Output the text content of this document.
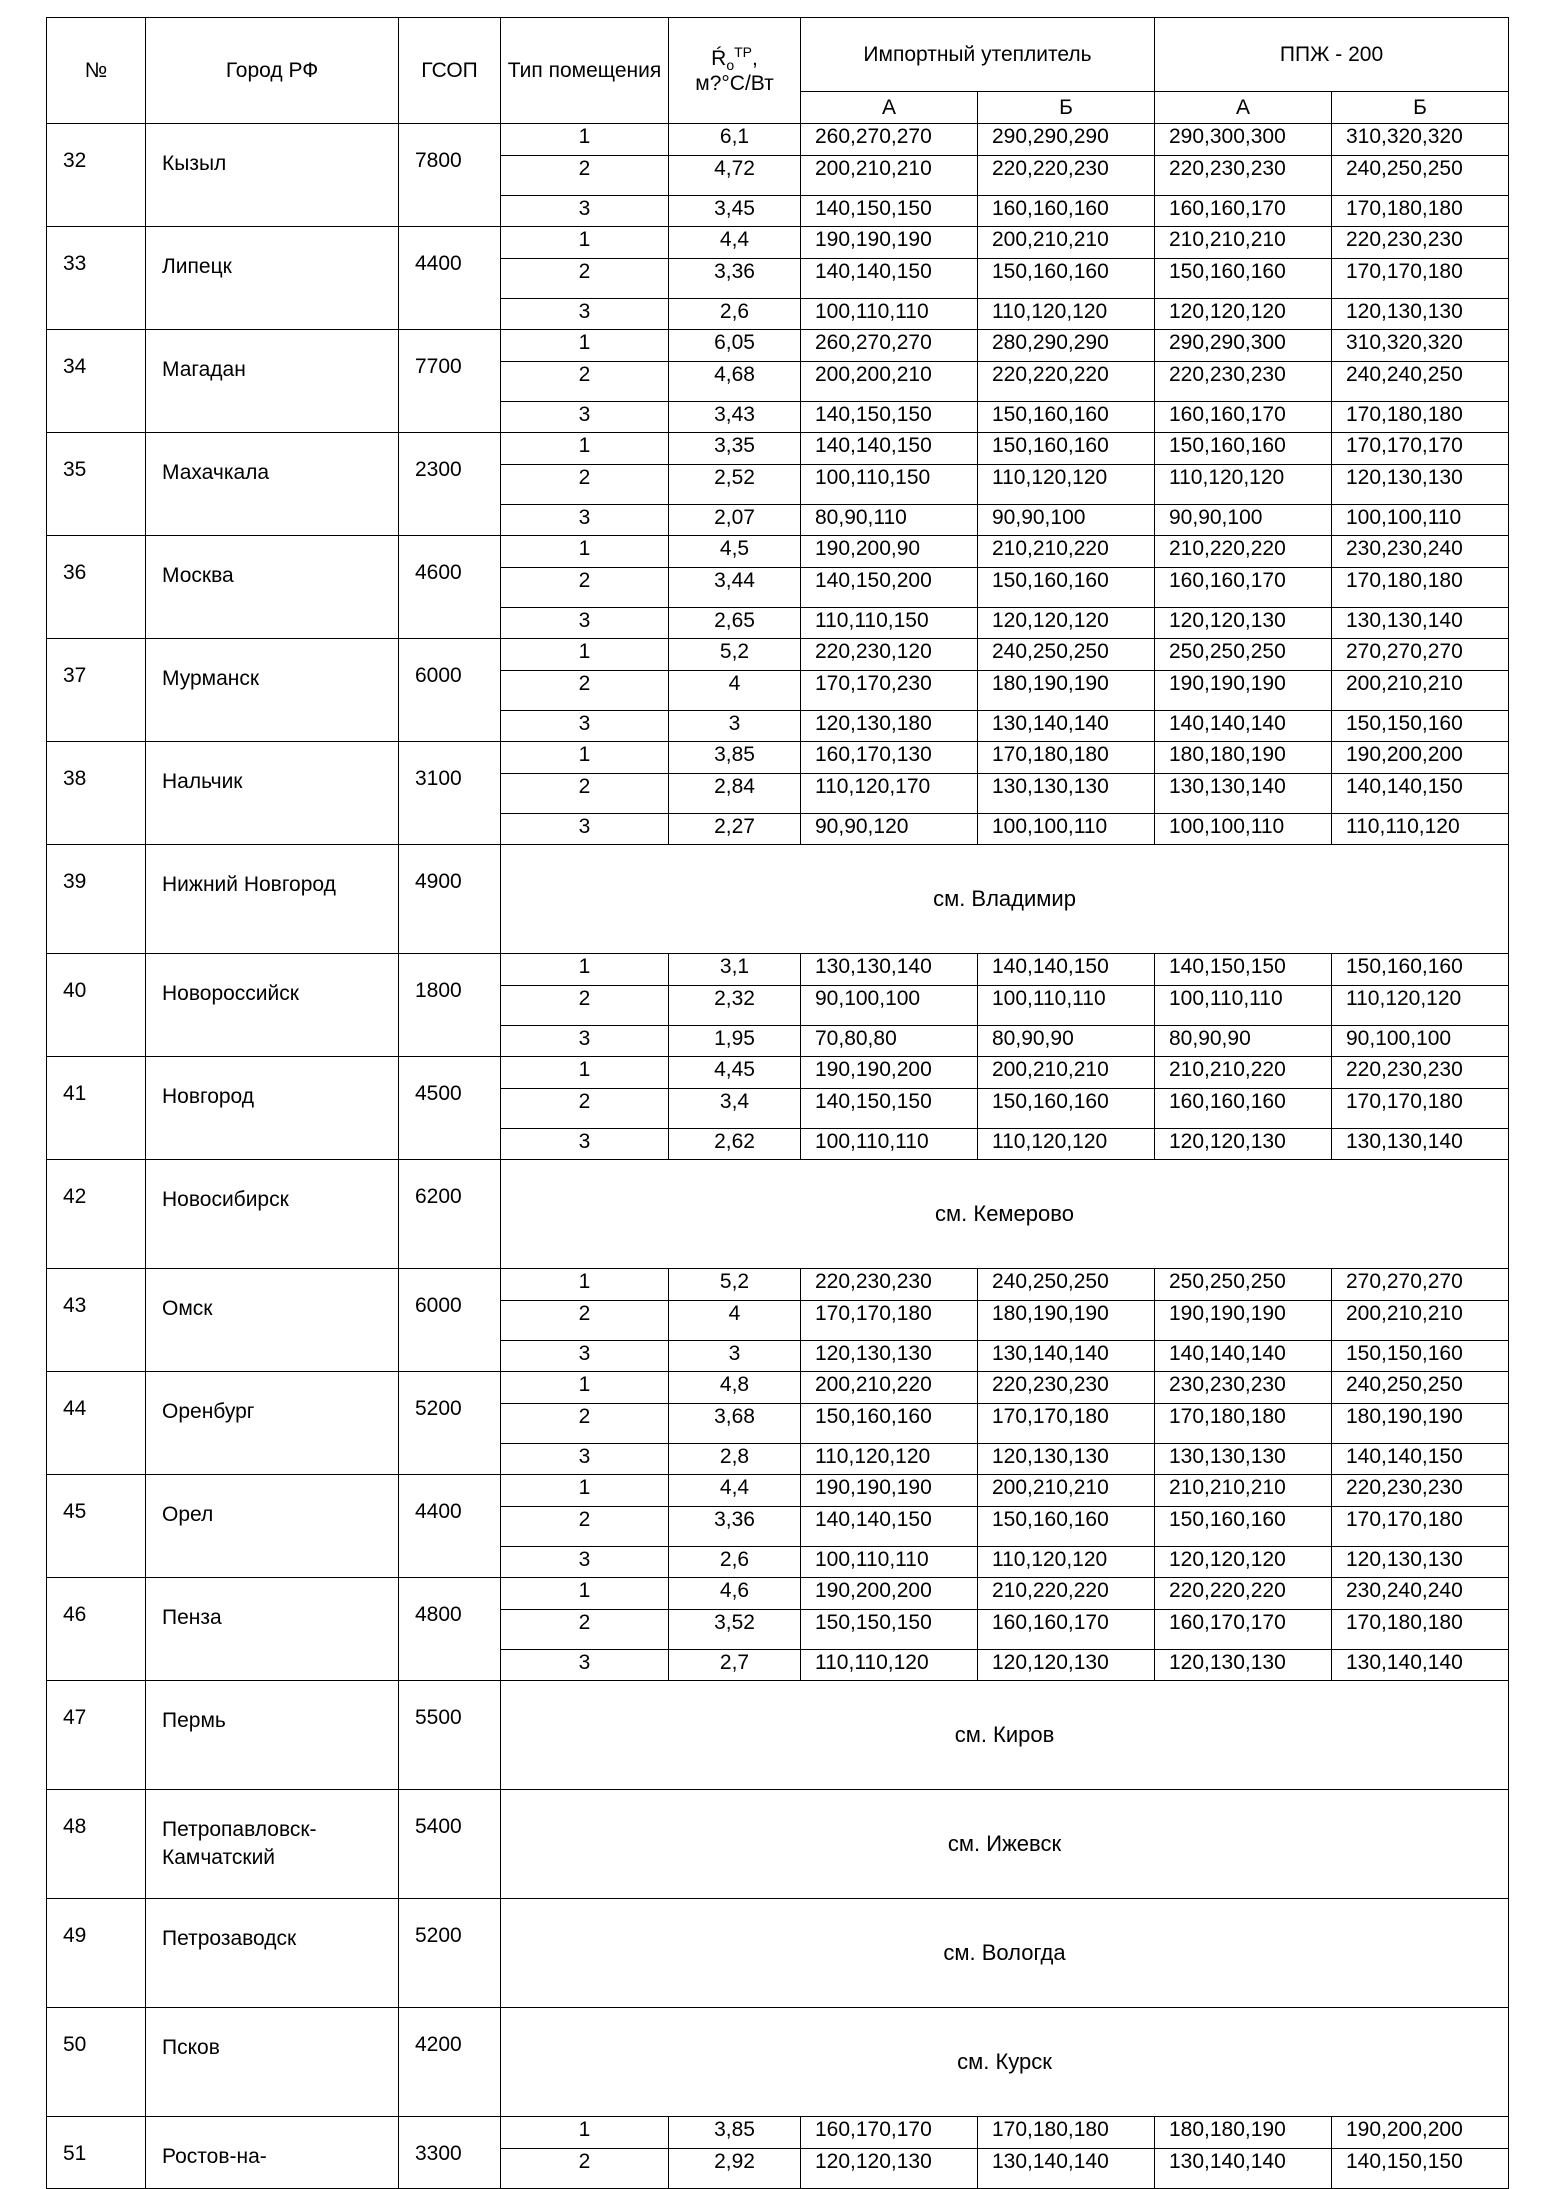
№	Город РФ	ГСОП	Тип помещения	$Ŕ_о^{ТР}$,
м?°С/Вт	Импортный утеплитель		ППЖ - 200	
					А	Б	А	Б
32	Кызыл	7800	1	6,1	260,270,270	290,290,290	290,300,300	310,320,320
			2	4,72	200,210,210	220,220,230	220,230,230	240,250,250
			3	3,45	140,150,150	160,160,160	160,160,170	170,180,180
33	Липецк	4400	1	4,4	190,190,190	200,210,210	210,210,210	220,230,230
			2	3,36	140,140,150	150,160,160	150,160,160	170,170,180
			3	2,6	100,110,110	110,120,120	120,120,120	120,130,130
34	Магадан	7700	1	6,05	260,270,270	280,290,290	290,290,300	310,320,320
			2	4,68	200,200,210	220,220,220	220,230,230	240,240,250
			3	3,43	140,150,150	150,160,160	160,160,170	170,180,180
35	Махачкала	2300	1	3,35	140,140,150	150,160,160	150,160,160	170,170,170
			2	2,52	100,110,150	110,120,120	110,120,120	120,130,130
			3	2,07	80,90,110	90,90,100	90,90,100	100,100,110
36	Москва	4600	1	4,5	190,200,90	210,210,220	210,220,220	230,230,240
			2	3,44	140,150,200	150,160,160	160,160,170	170,180,180
			3	2,65	110,110,150	120,120,120	120,120,130	130,130,140
37	Мурманск	6000	1	5,2	220,230,120	240,250,250	250,250,250	270,270,270
			2	4	170,170,230	180,190,190	190,190,190	200,210,210
			3	3	120,130,180	130,140,140	140,140,140	150,150,160
38	Нальчик	3100	1	3,85	160,170,130	170,180,180	180,180,190	190,200,200
			2	2,84	110,120,170	130,130,130	130,130,140	140,140,150
			3	2,27	90,90,120	100,100,110	100,100,110	110,110,120
39	Нижний Новгород	4900	см. Владимир					
40	Новороссийск	1800	1	3,1	130,130,140	140,140,150	140,150,150	150,160,160
			2	2,32	90,100,100	100,110,110	100,110,110	110,120,120
			3	1,95	70,80,80	80,90,90	80,90,90	90,100,100
41	Новгород	4500	1	4,45	190,190,200	200,210,210	210,210,220	220,230,230
			2	3,4	140,150,150	150,160,160	160,160,160	170,170,180
			3	2,62	100,110,110	110,120,120	120,120,130	130,130,140
42	Новосибирск	6200	см. Кемерово					
43	Омск	6000	1	5,2	220,230,230	240,250,250	250,250,250	270,270,270
			2	4	170,170,180	180,190,190	190,190,190	200,210,210
			3	3	120,130,130	130,140,140	140,140,140	150,150,160
44	Оренбург	5200	1	4,8	200,210,220	220,230,230	230,230,230	240,250,250
			2	3,68	150,160,160	170,170,180	170,180,180	180,190,190
			3	2,8	110,120,120	120,130,130	130,130,130	140,140,150
45	Орел	4400	1	4,4	190,190,190	200,210,210	210,210,210	220,230,230
			2	3,36	140,140,150	150,160,160	150,160,160	170,170,180
			3	2,6	100,110,110	110,120,120	120,120,120	120,130,130
46	Пенза	4800	1	4,6	190,200,200	210,220,220	220,220,220	230,240,240
			2	3,52	150,150,150	160,160,170	160,170,170	170,180,180
			3	2,7	110,110,120	120,120,130	120,130,130	130,140,140
47	Пермь	5500	см. Киров					
48	Петропавловск-Камчатский	5400	см. Ижевск					
49	Петрозаводск	5200	см. Вологда					
50	Псков	4200	см. Курск					
51	Ростов-на-	3300	1	3,85	160,170,170	170,180,180	180,180,190	190,200,200
			2	2,92	120,120,130	130,140,140	130,140,140	140,150,150
